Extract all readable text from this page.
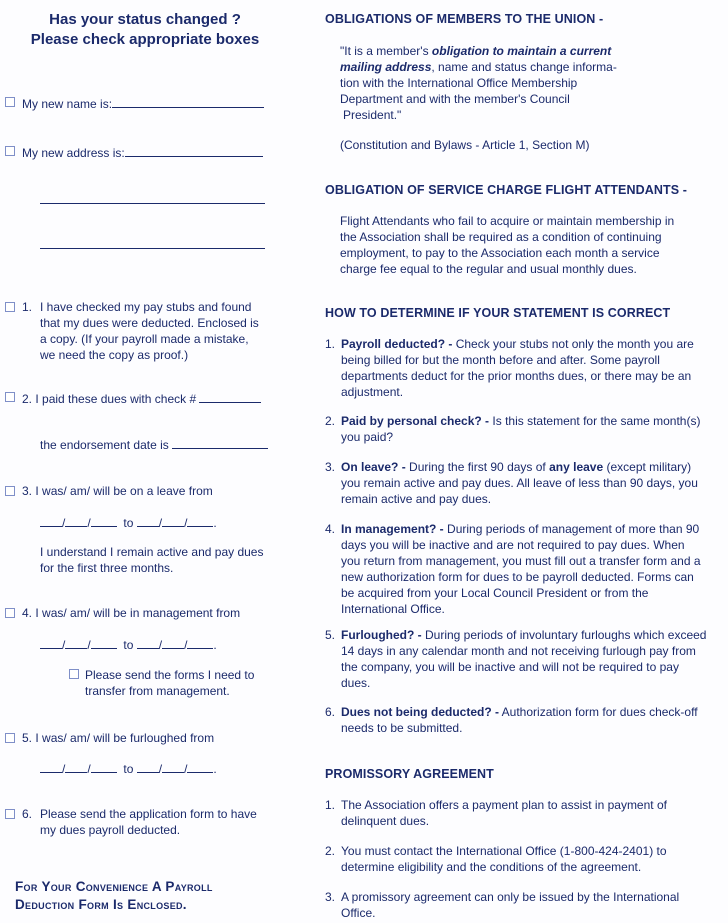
Has your status changed ?
Please check appropriate boxes
My new name is:
My new address is:
1. I have checked my pay stubs and found
that my dues were deducted. Enclosed is
a copy. (If your payroll made a mistake,
we need the copy as proof.)
2. I paid these dues with check #
the endorsement date is
3. I was/ am/ will be on a leave from
/ /	to / / .
I understand I remain active and pay dues
for the first three months.
4. I was/ am/ will be in management from
/ /	to / / .
Please send the forms I need to
transfer from management.
5. I was/ am/ will be furloughed from
/ /	to / / .
6. Please send the application form to have
my dues payroll deducted.
For Your Convenience A Payroll
Deduction Form Is Enclosed.
OBLIGATIONS OF MEMBERS TO THE UNION -
"It is a member's obligation to maintain a current
mailing address, name and status change informa-
tion with the International Office Membership
Department and with the member's Council
President."
(Constitution and Bylaws - Article 1, Section M)
OBLIGATION OF SERVICE CHARGE FLIGHT ATTENDANTS -
Flight Attendants who fail to acquire or maintain membership in
the Association shall be required as a condition of continuing
employment, to pay to the Association each month a service
charge fee equal to the regular and usual monthly dues.
HOW TO DETERMINE IF YOUR STATEMENT IS CORRECT
1. Payroll deducted? - Check your stubs not only the month you are
being billed for but the month before and after. Some payroll
departments deduct for the prior months dues, or there may be an
adjustment.
2. Paid by personal check? - Is this statement for the same month(s)
you paid?
3. On leave? - During the first 90 days of any leave (except military)
you remain active and pay dues. All leave of less than 90 days, you
remain active and pay dues.
4. In management? - During periods of management of more than 90
days you will be inactive and are not required to pay dues. When
you return from management, you must fill out a transfer form and a
new authorization form for dues to be payroll deducted. Forms can
be acquired from your Local Council President or from the
International Office.
5. Furloughed? - During periods of involuntary furloughs which exceed
14 days in any calendar month and not receiving furlough pay from
the company, you will be inactive and will not be required to pay
dues.
6. Dues not being deducted? - Authorization form for dues check-off
needs to be submitted.
PROMISSORY AGREEMENT
1. The Association offers a payment plan to assist in payment of
delinquent dues.
2. You must contact the International Office (1-800-424-2401) to
determine eligibility and the conditions of the agreement.
3. A promissory agreement can only be issued by the International
Office.
